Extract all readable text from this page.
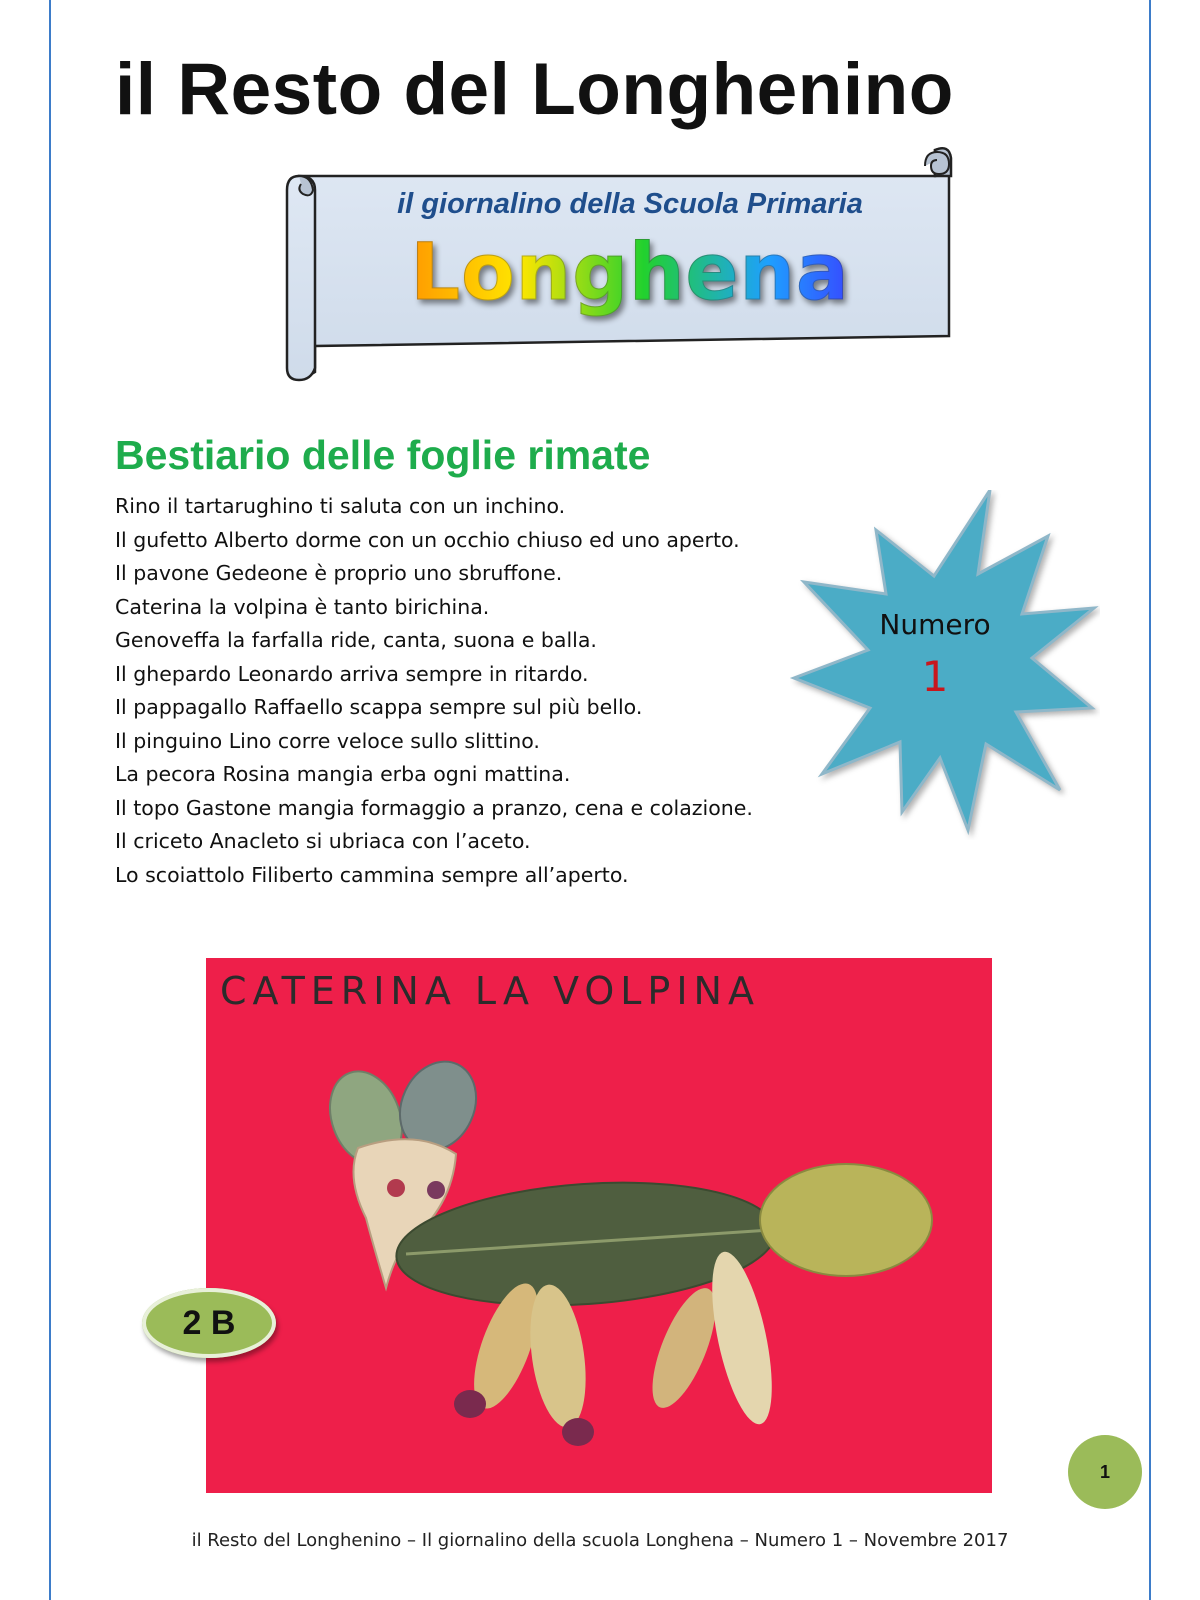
il Resto del Longhenino
il giornalino della Scuola Primaria
Longhena
Bestiario delle foglie rimate
Rino il tartarughino ti saluta con un inchino.
Il gufetto Alberto dorme con un occhio chiuso ed uno aperto.
Il pavone Gedeone è proprio uno sbruffone.
Caterina la volpina è tanto birichina.
Genoveffa la farfalla ride, canta, suona e balla.
Il ghepardo Leonardo arriva sempre in ritardo.
Il pappagallo Raffaello scappa sempre sul più bello.
Il pinguino Lino corre veloce sullo slittino.
La pecora Rosina mangia erba ogni mattina.
Il topo Gastone mangia formaggio a pranzo, cena e colazione.
Il criceto Anacleto si ubriaca con l’aceto.
Lo scoiattolo Filiberto cammina sempre all’aperto.
Numero
1
CATERINA LA VOLPINA
2 B
1
il Resto del Longhenino – Il giornalino della scuola Longhena – Numero 1 – Novembre 2017
